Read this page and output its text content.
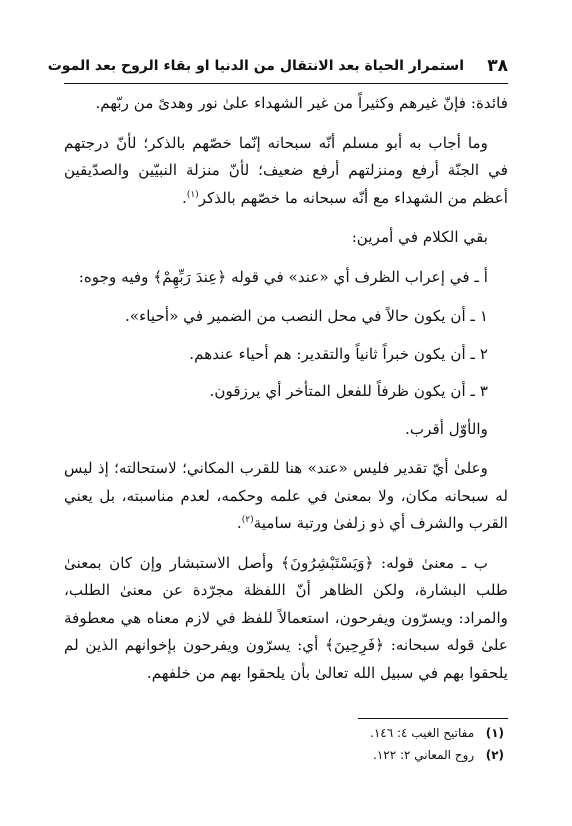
٣٨
استمرار الحياة بعد الانتقال من الدنيا او بقاء الروح بعد الموت

فائدة: فإنّ غيرهم وكثيراً من غير الشهداء علىٰ نور وهدىً من ربّهم.

وما أجاب به أبو مسلم أنّه سبحانه إنّما خصّهم بالذكر؛ لأنّ درجتهم في الجنّة أرفع ومنزلتهم أرفع ضعيف؛ لأنّ منزلة النبيّين والصدّيقين أعظم من الشهداء مع أنّه سبحانه ما خصّهم بالذكر$^{(١)}$.

بقي الكلام في أمرين:

أ ـ في إعراب الظرف أي «عند» في قوله ﴿عِندَ رَبِّهِمْ﴾ وفيه وجوه:

١ ـ أن يكون حالاً في محل النصب من الضمير في «أحياء».

٢ ـ أن يكون خبراً ثانياً والتقدير: هم أحياء عندهم.

٣ ـ أن يكون ظرفاً للفعل المتأخر أي يرزقون.

والأوّل أقرب.

وعلىٰ أيّ تقدير فليس «عند» هنا للقرب المكاني؛ لاستحالته؛ إذ ليس له سبحانه مكان، ولا بمعنىٰ في علمه وحكمه، لعدم مناسبته، بل يعني القرب والشرف أي ذو زلفىٰ ورتبة سامية$^{(٢)}$.

ب ـ معنىٰ قوله: ﴿وَيَسْتَبْشِرُونَ﴾ وأصل الاستبشار وإن كان بمعنىٰ طلب البشارة، ولكن الظاهر أنّ اللفظة مجرّدة عن معنىٰ الطلب، والمراد: ويسرّون ويفرحون، استعمالاً للفظ في لازم معناه هي معطوفة علىٰ قوله سبحانه: ﴿فَرِحِينَ﴾ أي: يسرّون ويفرحون بإخوانهم الذين لم يلحقوا بهم في سبيل الله تعالىٰ بأن يلحقوا بهم من خلفهم.

(١) مفاتيح الغيب ٤: ١٤٦.

(٢) روح المعاني ٢: ١٢٢.
